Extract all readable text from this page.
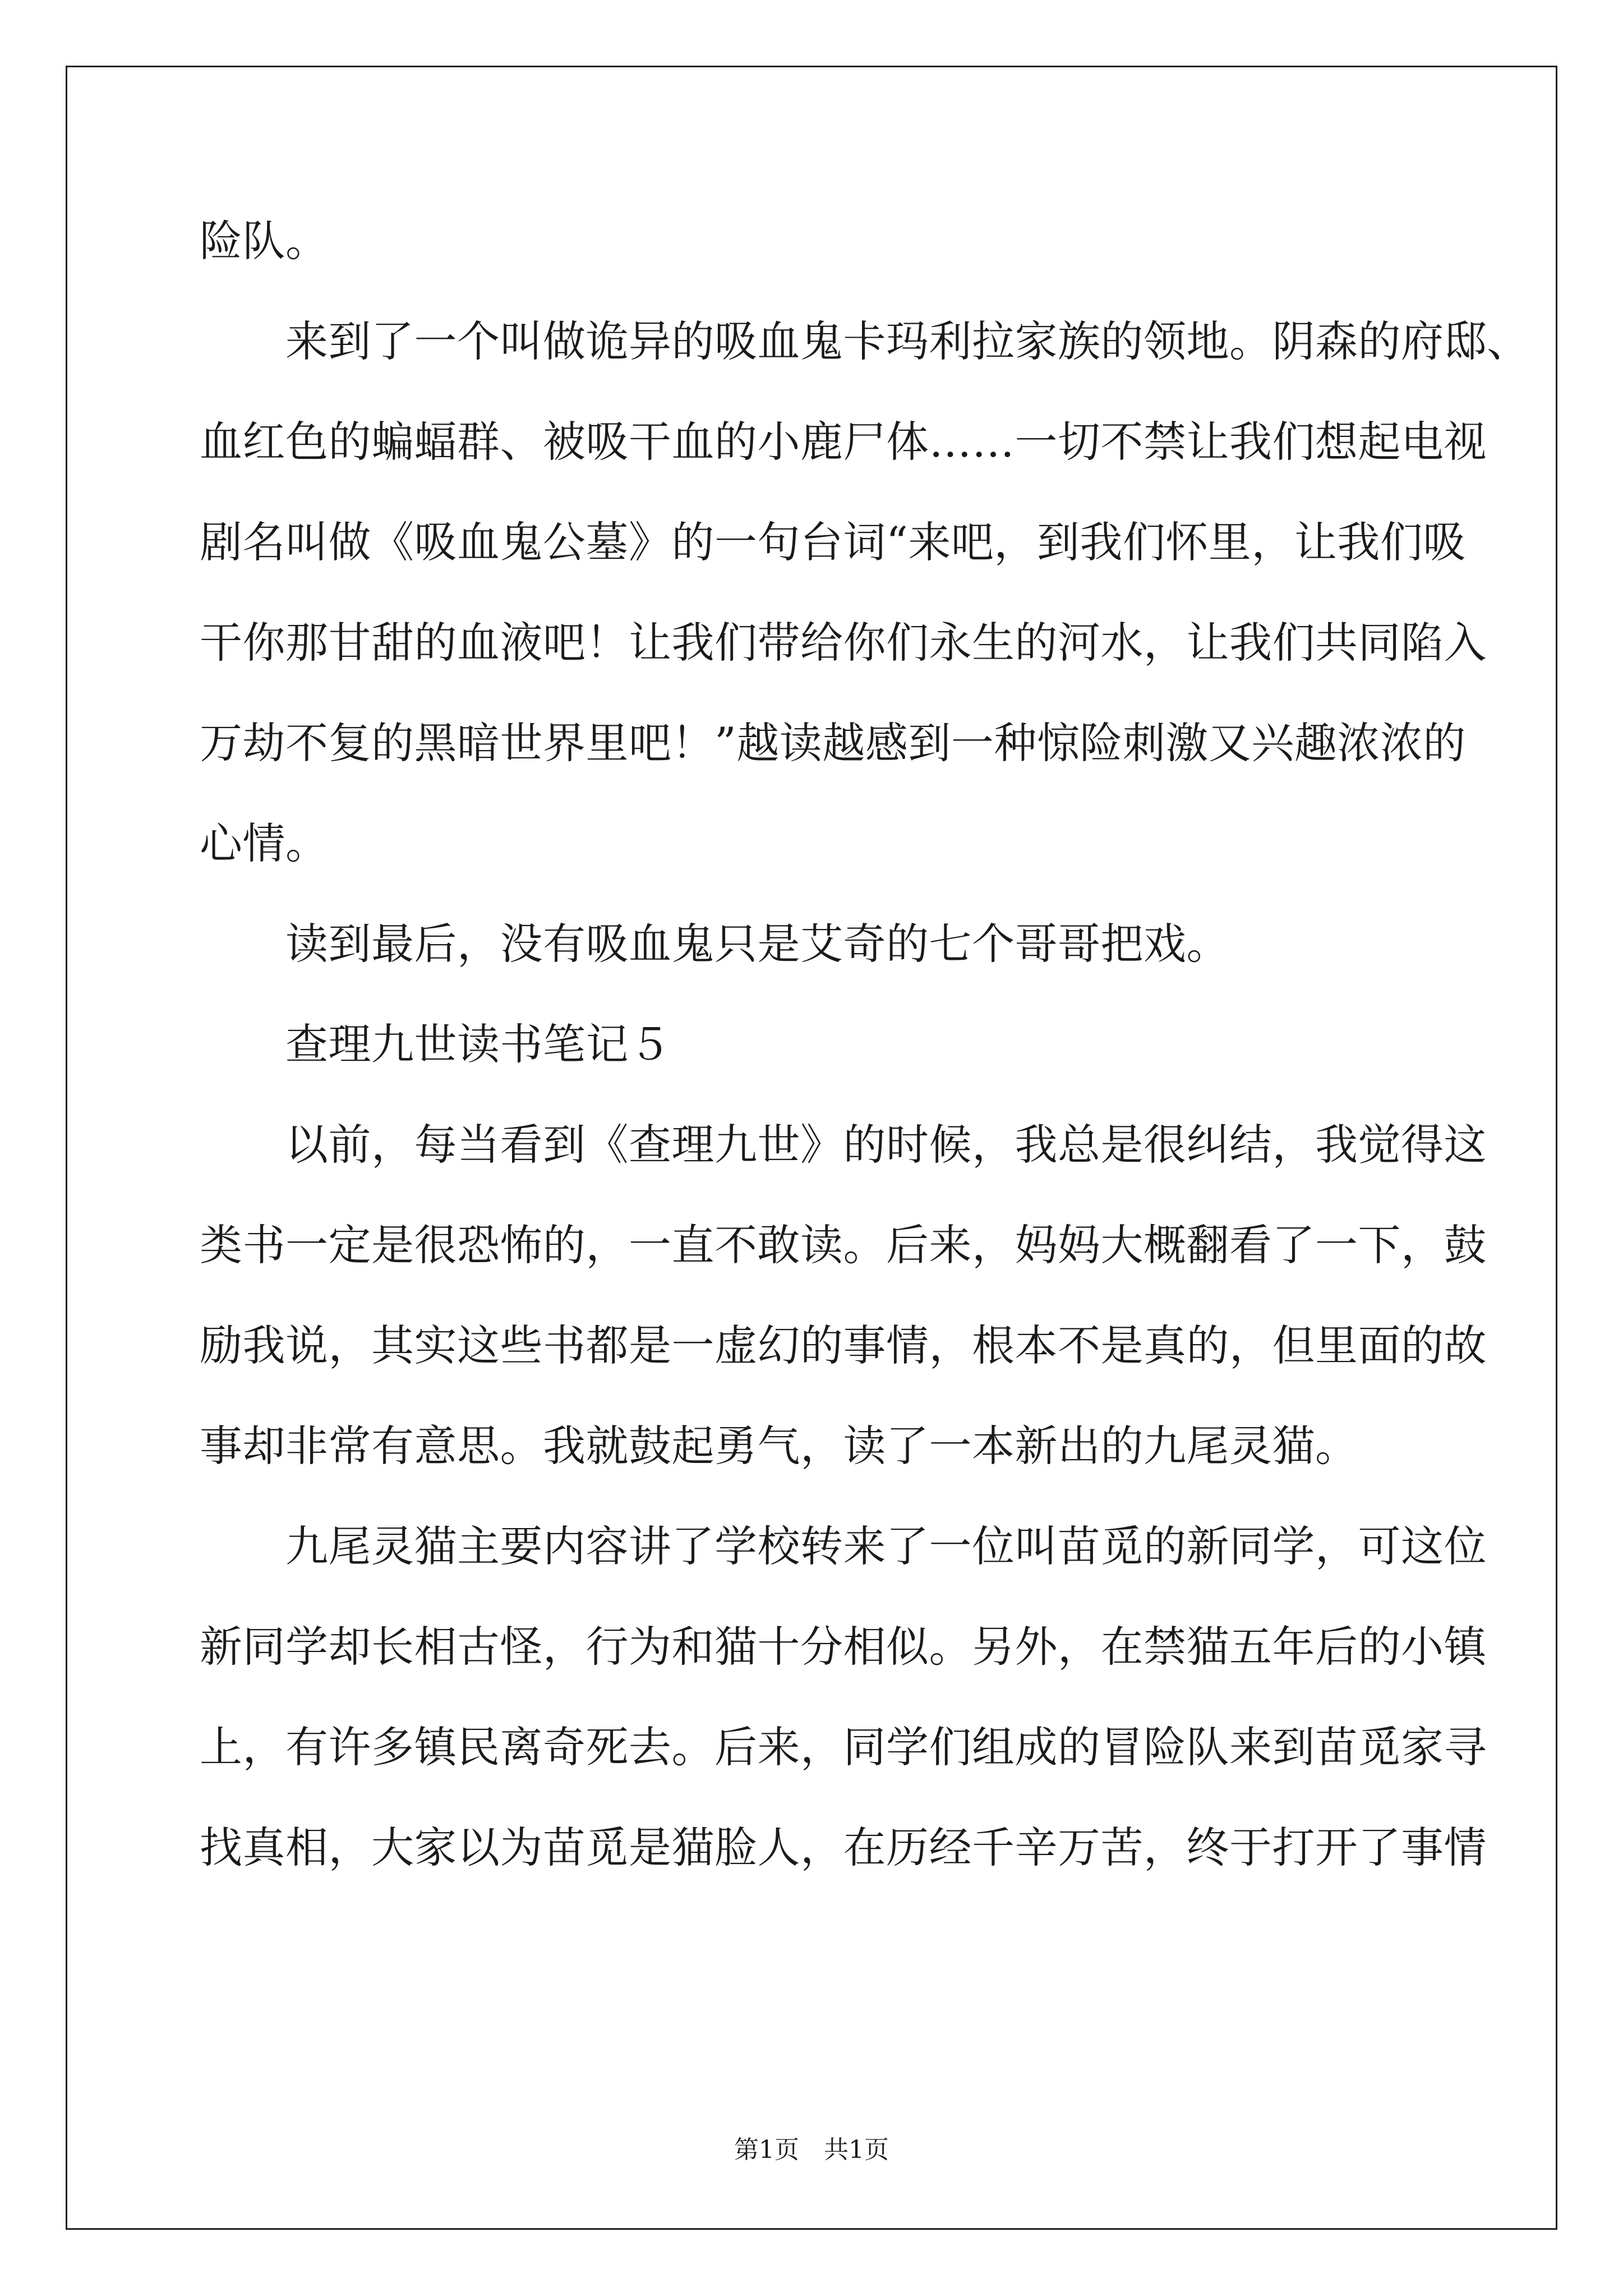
险队。
　　来到了一个叫做诡异的吸血鬼卡玛利拉家族的领地。阴森的府邸、
血红色的蝙蝠群、被吸干血的小鹿尸体……一切不禁让我们想起电视
剧名叫做《吸血鬼公墓》的一句台词“来吧，到我们怀里，让我们吸
干你那甘甜的血液吧！让我们带给你们永生的河水，让我们共同陷入
万劫不复的黑暗世界里吧！”越读越感到一种惊险刺激又兴趣浓浓的
心情。
　　读到最后，没有吸血鬼只是艾奇的七个哥哥把戏。
　　查理九世读书笔记５
　　以前，每当看到《查理九世》的时候，我总是很纠结，我觉得这
类书一定是很恐怖的，一直不敢读。后来，妈妈大概翻看了一下，鼓
励我说，其实这些书都是一虚幻的事情，根本不是真的，但里面的故
事却非常有意思。我就鼓起勇气，读了一本新出的九尾灵猫。
　　九尾灵猫主要内容讲了学校转来了一位叫苗觅的新同学，可这位
新同学却长相古怪，行为和猫十分相似。另外，在禁猫五年后的小镇
上，有许多镇民离奇死去。后来，同学们组成的冒险队来到苗觅家寻
找真相，大家以为苗觅是猫脸人，在历经千辛万苦，终于打开了事情
第1页　共1页
